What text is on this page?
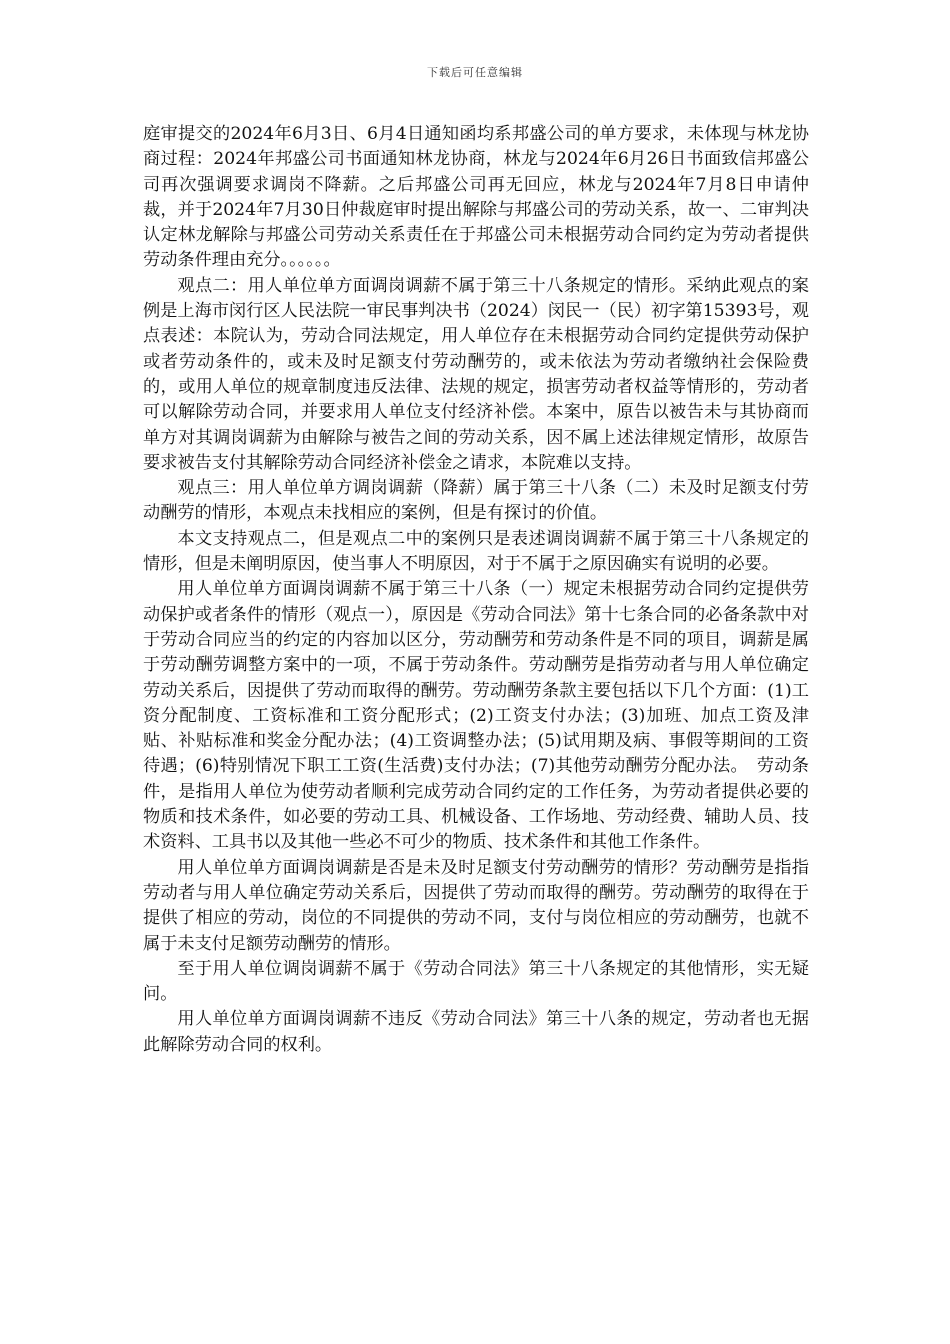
下载后可任意编辑

庭审提交的2024年6月3日、6月4日通知函均系邦盛公司的单方要求，未体现与林龙协商过程：2024年邦盛公司书面通知林龙协商，林龙与2024年6月26日书面致信邦盛公司再次强调要求调岗不降薪。之后邦盛公司再无回应，林龙与2024年7月8日申请仲裁，并于2024年7月30日仲裁庭审时提出解除与邦盛公司的劳动关系，故一、二审判决认定林龙解除与邦盛公司劳动关系责任在于邦盛公司未根据劳动合同约定为劳动者提供劳动条件理由充分。。。。。。

观点二：用人单位单方面调岗调薪不属于第三十八条规定的情形。采纳此观点的案例是上海市闵行区人民法院一审民事判决书（2024）闵民一（民）初字第15393号，观点表述：本院认为，劳动合同法规定，用人单位存在未根据劳动合同约定提供劳动保护或者劳动条件的，或未及时足额支付劳动酬劳的，或未依法为劳动者缴纳社会保险费的，或用人单位的规章制度违反法律、法规的规定，损害劳动者权益等情形的，劳动者可以解除劳动合同，并要求用人单位支付经济补偿。本案中，原告以被告未与其协商而单方对其调岗调薪为由解除与被告之间的劳动关系，因不属上述法律规定情形，故原告要求被告支付其解除劳动合同经济补偿金之请求，本院难以支持。

观点三：用人单位单方调岗调薪（降薪）属于第三十八条（二）未及时足额支付劳动酬劳的情形，本观点未找相应的案例，但是有探讨的价值。

本文支持观点二，但是观点二中的案例只是表述调岗调薪不属于第三十八条规定的情形，但是未阐明原因，使当事人不明原因，对于不属于之原因确实有说明的必要。

用人单位单方面调岗调薪不属于第三十八条（一）规定未根据劳动合同约定提供劳动保护或者条件的情形（观点一），原因是《劳动合同法》第十七条合同的必备条款中对于劳动合同应当的约定的内容加以区分，劳动酬劳和劳动条件是不同的项目，调薪是属于劳动酬劳调整方案中的一项，不属于劳动条件。劳动酬劳是指劳动者与用人单位确定劳动关系后，因提供了劳动而取得的酬劳。劳动酬劳条款主要包括以下几个方面：(1)工资分配制度、工资标准和工资分配形式；(2)工资支付办法；(3)加班、加点工资及津贴、补贴标准和奖金分配办法；(4)工资调整办法；(5)试用期及病、事假等期间的工资待遇；(6)特别情况下职工工资(生活费)支付办法；(7)其他劳动酬劳分配办法。　劳动条件，是指用人单位为使劳动者顺利完成劳动合同约定的工作任务，为劳动者提供必要的物质和技术条件，如必要的劳动工具、机械设备、工作场地、劳动经费、辅助人员、技术资料、工具书以及其他一些必不可少的物质、技术条件和其他工作条件。

用人单位单方面调岗调薪是否是未及时足额支付劳动酬劳的情形？劳动酬劳是指指劳动者与用人单位确定劳动关系后，因提供了劳动而取得的酬劳。劳动酬劳的取得在于提供了相应的劳动，岗位的不同提供的劳动不同，支付与岗位相应的劳动酬劳，也就不属于未支付足额劳动酬劳的情形。

至于用人单位调岗调薪不属于《劳动合同法》第三十八条规定的其他情形，实无疑问。

用人单位单方面调岗调薪不违反《劳动合同法》第三十八条的规定，劳动者也无据此解除劳动合同的权利。
